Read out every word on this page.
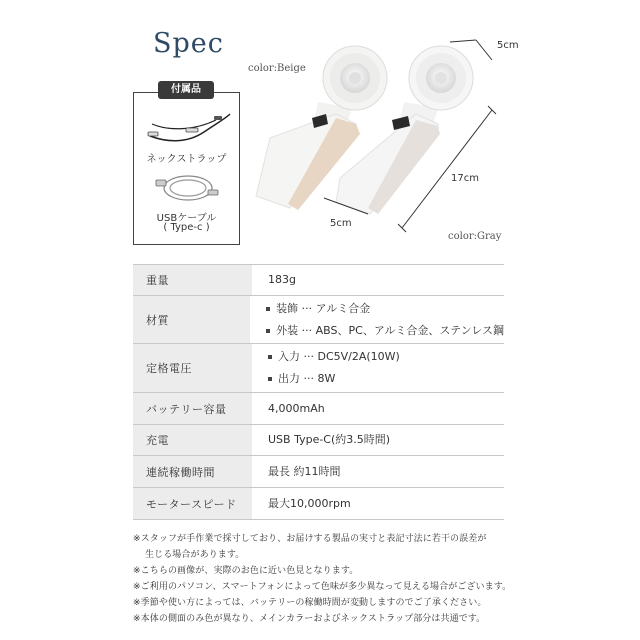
Spec
color:Beige
color:Gray
付属品
ネックストラップ
USBケーブル
( Type-c )
5cm
17cm
5cm
重量	183g
材質
装飾 ··· アルミ合金
外装 ··· ABS、PC、アルミ合金、ステンレス鋼
定格電圧
入力 ··· DC5V/2A(10W)
出力 ··· 8W
バッテリー容量	4,000mAh
充電	USB Type-C(約3.5時間)
連続稼働時間	最長 約11時間
モータースピード	最大10,000rpm
※スタッフが手作業で採寸しており、お届けする製品の実寸と表記寸法に若干の誤差が
生じる場合があります。
※こちらの画像が、実際のお色に近い色見となります。
※ご利用のパソコン、スマートフォンによって色味が多少異なって見える場合がございます。
※季節や使い方によっては、バッテリーの稼働時間が変動しますのでご了承ください。
※本体の側面のみ色が異なり、メインカラーおよびネックストラップ部分は共通です。
